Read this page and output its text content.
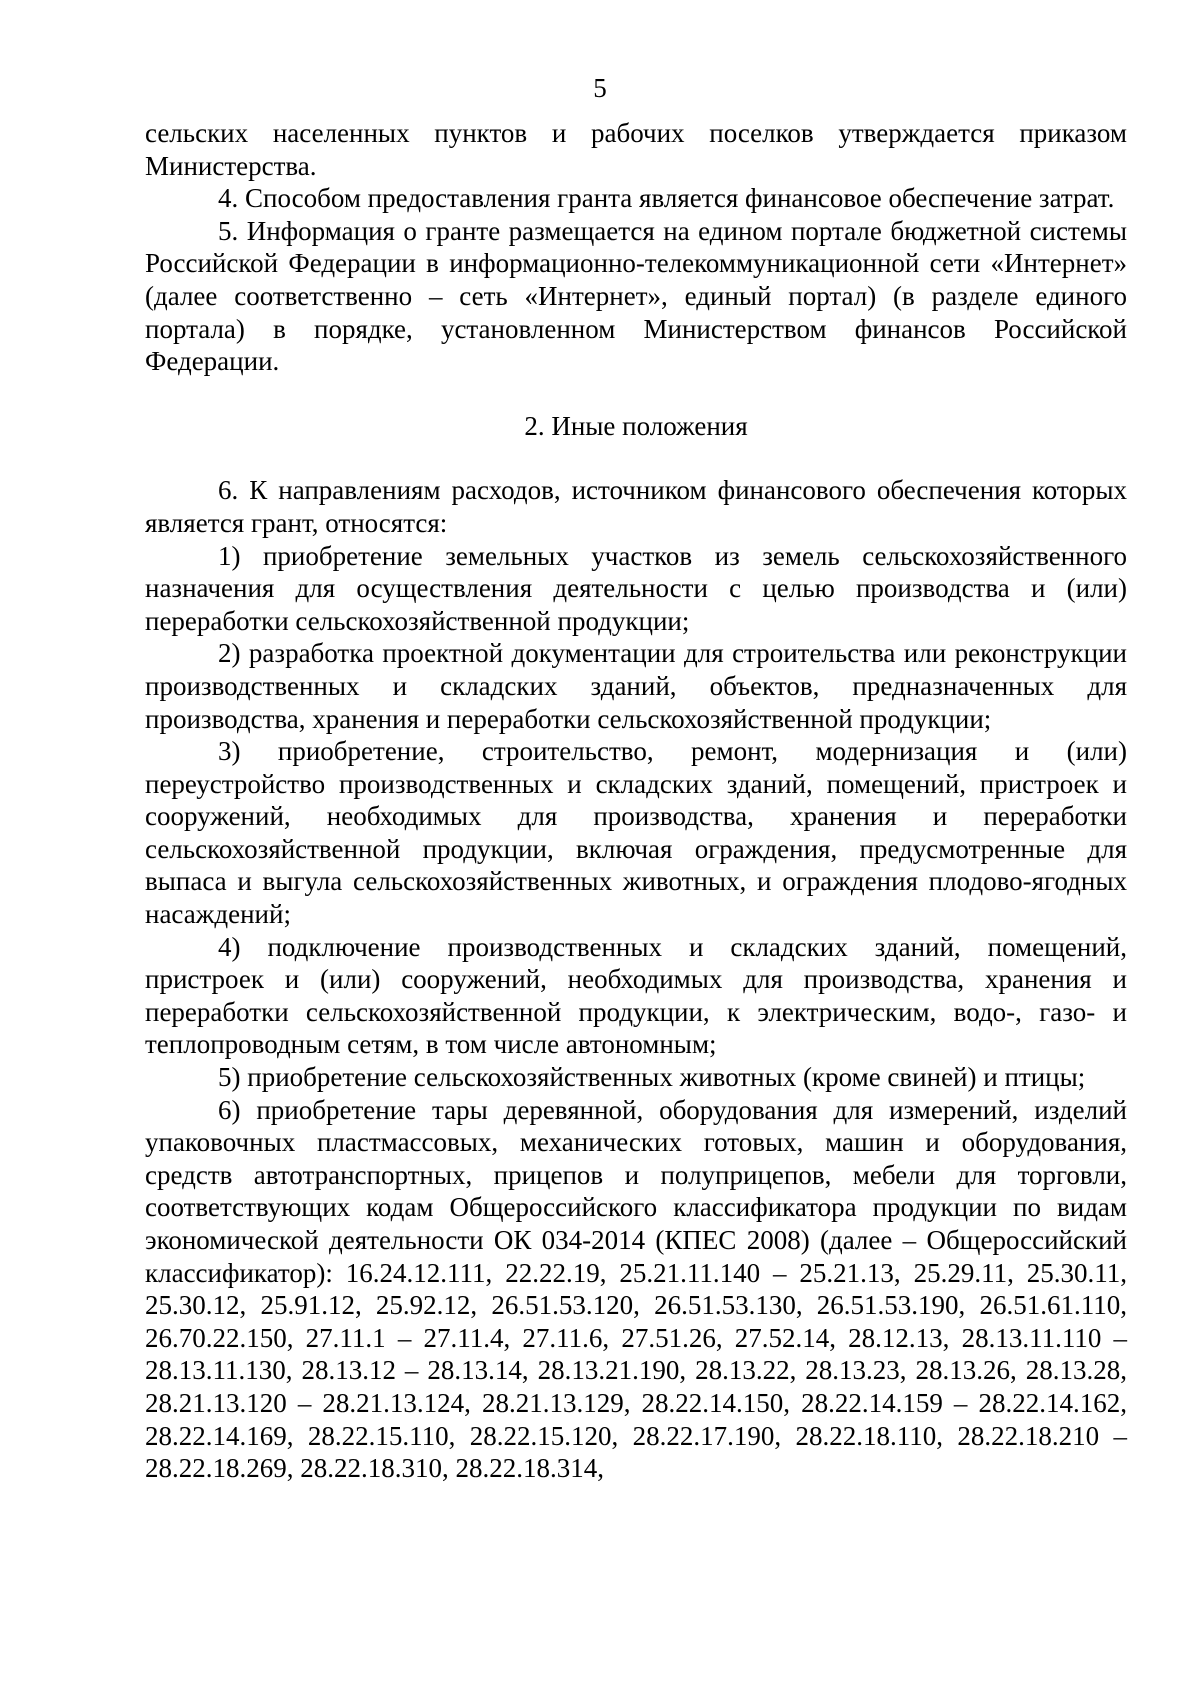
5

сельских населенных пунктов и рабочих поселков утверждается приказом Министерства.

4. Способом предоставления гранта является финансовое обеспечение затрат.

5. Информация о гранте размещается на едином портале бюджетной системы Российской Федерации в информационно-телекоммуникационной сети «Интернет» (далее соответственно – сеть «Интернет», единый портал) (в разделе единого портала) в порядке, установленном Министерством финансов Российской Федерации.

2. Иные положения

6. К направлениям расходов, источником финансового обеспечения которых является грант, относятся:

1) приобретение земельных участков из земель сельскохозяйственного назначения для осуществления деятельности с целью производства и (или) переработки сельскохозяйственной продукции;

2) разработка проектной документации для строительства или реконструкции производственных и складских зданий, объектов, предназначенных для производства, хранения и переработки сельскохозяйственной продукции;

3) приобретение, строительство, ремонт, модернизация и (или) переустройство производственных и складских зданий, помещений, пристроек и сооружений, необходимых для производства, хранения и переработки сельскохозяйственной продукции, включая ограждения, предусмотренные для выпаса и выгула сельскохозяйственных животных, и ограждения плодово-ягодных насаждений;

4) подключение производственных и складских зданий, помещений, пристроек и (или) сооружений, необходимых для производства, хранения и переработки сельскохозяйственной продукции, к электрическим, водо-, газо- и теплопроводным сетям, в том числе автономным;

5) приобретение сельскохозяйственных животных (кроме свиней) и птицы;

6) приобретение тары деревянной, оборудования для измерений, изделий упаковочных пластмассовых, механических готовых, машин и оборудования, средств автотранспортных, прицепов и полуприцепов, мебели для торговли, соответствующих кодам Общероссийского классификатора продукции по видам экономической деятельности ОК 034-2014 (КПЕС 2008) (далее – Общероссийский классификатор): 16.24.12.111, 22.22.19, 25.21.11.140 – 25.21.13, 25.29.11, 25.30.11, 25.30.12, 25.91.12, 25.92.12, 26.51.53.120, 26.51.53.130, 26.51.53.190, 26.51.61.110, 26.70.22.150, 27.11.1 – 27.11.4, 27.11.6, 27.51.26, 27.52.14, 28.12.13, 28.13.11.110 – 28.13.11.130, 28.13.12 – 28.13.14, 28.13.21.190, 28.13.22, 28.13.23, 28.13.26, 28.13.28, 28.21.13.120 – 28.21.13.124, 28.21.13.129, 28.22.14.150, 28.22.14.159 – 28.22.14.162, 28.22.14.169, 28.22.15.110, 28.22.15.120, 28.22.17.190, 28.22.18.110, 28.22.18.210 – 28.22.18.269, 28.22.18.310, 28.22.18.314,
